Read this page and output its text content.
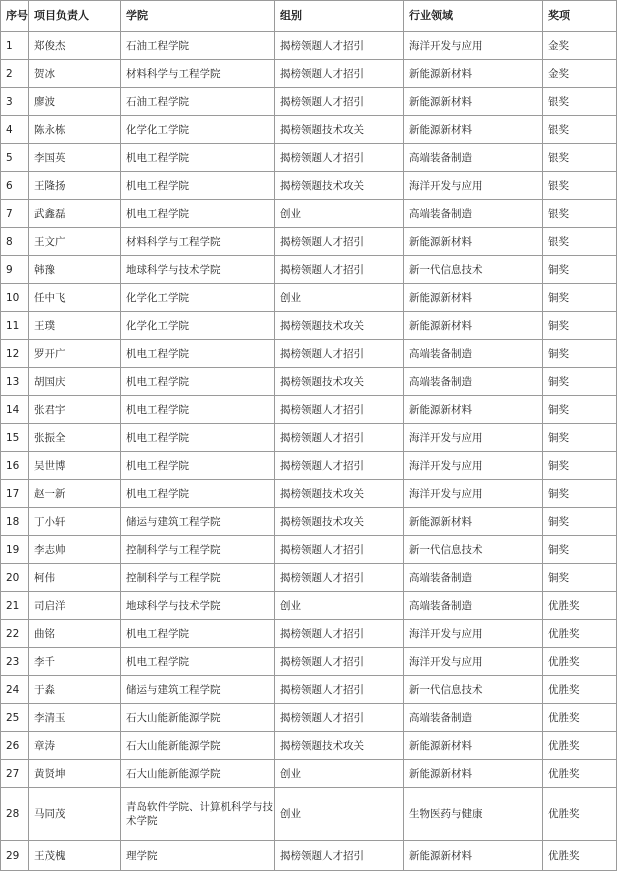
序号	项目负责人	学院	组别	行业领域	奖项
1	郑俊杰	石油工程学院	揭榜领题人才招引	海洋开发与应用	金奖
2	贺冰	材料科学与工程学院	揭榜领题人才招引	新能源新材料	金奖
3	廖波	石油工程学院	揭榜领题人才招引	新能源新材料	银奖
4	陈永栋	化学化工学院	揭榜领题技术攻关	新能源新材料	银奖
5	李国英	机电工程学院	揭榜领题人才招引	高端装备制造	银奖
6	王隆扬	机电工程学院	揭榜领题技术攻关	海洋开发与应用	银奖
7	武鑫磊	机电工程学院	创业	高端装备制造	银奖
8	王文广	材料科学与工程学院	揭榜领题人才招引	新能源新材料	银奖
9	韩豫	地球科学与技术学院	揭榜领题人才招引	新一代信息技术	铜奖
10	任中飞	化学化工学院	创业	新能源新材料	铜奖
11	王璞	化学化工学院	揭榜领题技术攻关	新能源新材料	铜奖
12	罗开广	机电工程学院	揭榜领题人才招引	高端装备制造	铜奖
13	胡国庆	机电工程学院	揭榜领题技术攻关	高端装备制造	铜奖
14	张君宇	机电工程学院	揭榜领题人才招引	新能源新材料	铜奖
15	张振全	机电工程学院	揭榜领题人才招引	海洋开发与应用	铜奖
16	吴世博	机电工程学院	揭榜领题人才招引	海洋开发与应用	铜奖
17	赵一新	机电工程学院	揭榜领题技术攻关	海洋开发与应用	铜奖
18	丁小轩	储运与建筑工程学院	揭榜领题技术攻关	新能源新材料	铜奖
19	李志帅	控制科学与工程学院	揭榜领题人才招引	新一代信息技术	铜奖
20	柯伟	控制科学与工程学院	揭榜领题人才招引	高端装备制造	铜奖
21	司启洋	地球科学与技术学院	创业	高端装备制造	优胜奖
22	曲铭	机电工程学院	揭榜领题人才招引	海洋开发与应用	优胜奖
23	李千	机电工程学院	揭榜领题人才招引	海洋开发与应用	优胜奖
24	于淼	储运与建筑工程学院	揭榜领题人才招引	新一代信息技术	优胜奖
25	李清玉	石大山能新能源学院	揭榜领题人才招引	高端装备制造	优胜奖
26	章涛	石大山能新能源学院	揭榜领题技术攻关	新能源新材料	优胜奖
27	黄贤坤	石大山能新能源学院	创业	新能源新材料	优胜奖
28	马同茂	青岛软件学院、计算机科学与技术学院	创业	生物医药与健康	优胜奖
29	王茂槐	理学院	揭榜领题人才招引	新能源新材料	优胜奖
